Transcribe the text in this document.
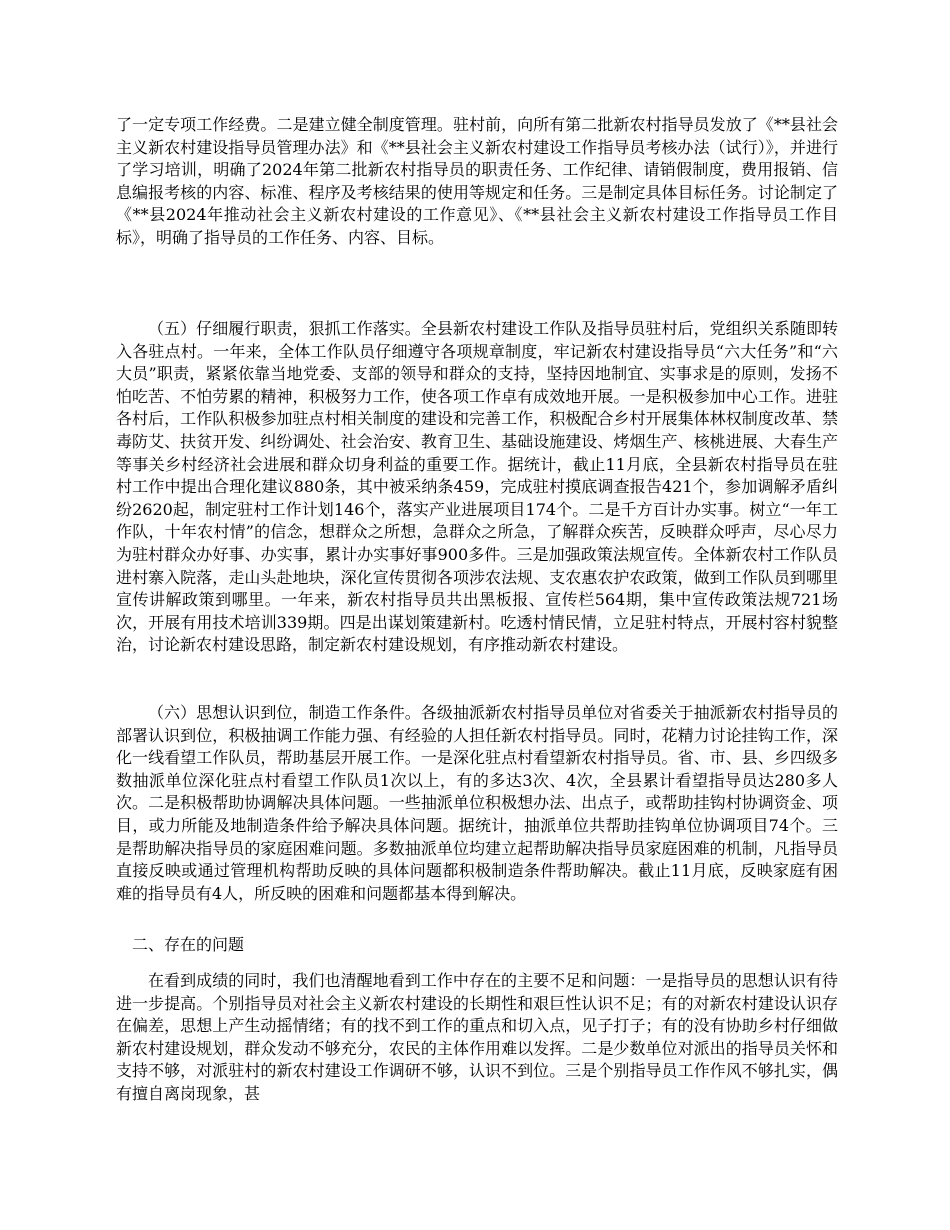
了一定专项工作经费。二是建立健全制度管理。驻村前，向所有第二批新农村指导员发放了《**县社会主义新农村建设指导员管理办法》和《**县社会主义新农村建设工作指导员考核办法（试行）》，并进行了学习培训，明确了2024年第二批新农村指导员的职责任务、工作纪律、请销假制度，费用报销、信息编报考核的内容、标准、程序及考核结果的使用等规定和任务。三是制定具体目标任务。讨论制定了《**县2024年推动社会主义新农村建设的工作意见》、《**县社会主义新农村建设工作指导员工作目标》，明确了指导员的工作任务、内容、目标。

（五）仔细履行职责，狠抓工作落实。全县新农村建设工作队及指导员驻村后，党组织关系随即转入各驻点村。一年来，全体工作队员仔细遵守各项规章制度，牢记新农村建设指导员“六大任务”和“六大员”职责，紧紧依靠当地党委、支部的领导和群众的支持，坚持因地制宜、实事求是的原则，发扬不怕吃苦、不怕劳累的精神，积极努力工作，使各项工作卓有成效地开展。一是积极参加中心工作。进驻各村后，工作队积极参加驻点村相关制度的建设和完善工作，积极配合乡村开展集体林权制度改革、禁毒防艾、扶贫开发、纠纷调处、社会治安、教育卫生、基础设施建设、烤烟生产、核桃进展、大春生产等事关乡村经济社会进展和群众切身利益的重要工作。据统计，截止11月底，全县新农村指导员在驻村工作中提出合理化建议880条，其中被采纳条459，完成驻村摸底调查报告421个，参加调解矛盾纠纷2620起，制定驻村工作计划146个，落实产业进展项目174个。二是千方百计办实事。树立“一年工作队，十年农村情”的信念，想群众之所想，急群众之所急，了解群众疾苦，反映群众呼声，尽心尽力为驻村群众办好事、办实事，累计办实事好事900多件。三是加强政策法规宣传。全体新农村工作队员进村寨入院落，走山头赴地块，深化宣传贯彻各项涉农法规、支农惠农护农政策，做到工作队员到哪里宣传讲解政策到哪里。一年来，新农村指导员共出黑板报、宣传栏564期，集中宣传政策法规721场次，开展有用技术培训339期。四是出谋划策建新村。吃透村情民情，立足驻村特点，开展村容村貌整治，讨论新农村建设思路，制定新农村建设规划，有序推动新农村建设。

（六）思想认识到位，制造工作条件。各级抽派新农村指导员单位对省委关于抽派新农村指导员的部署认识到位，积极抽调工作能力强、有经验的人担任新农村指导员。同时，花精力讨论挂钩工作，深化一线看望工作队员，帮助基层开展工作。一是深化驻点村看望新农村指导员。省、市、县、乡四级多数抽派单位深化驻点村看望工作队员1次以上，有的多达3次、4次，全县累计看望指导员达280多人次。二是积极帮助协调解决具体问题。一些抽派单位积极想办法、出点子，或帮助挂钩村协调资金、项目，或力所能及地制造条件给予解决具体问题。据统计，抽派单位共帮助挂钩单位协调项目74个。三是帮助解决指导员的家庭困难问题。多数抽派单位均建立起帮助解决指导员家庭困难的机制，凡指导员直接反映或通过管理机构帮助反映的具体问题都积极制造条件帮助解决。截止11月底，反映家庭有困难的指导员有4人，所反映的困难和问题都基本得到解决。

二、存在的问题

在看到成绩的同时，我们也清醒地看到工作中存在的主要不足和问题：一是指导员的思想认识有待进一步提高。个别指导员对社会主义新农村建设的长期性和艰巨性认识不足；有的对新农村建设认识存在偏差，思想上产生动摇情绪；有的找不到工作的重点和切入点，见子打子；有的没有协助乡村仔细做新农村建设规划，群众发动不够充分，农民的主体作用难以发挥。二是少数单位对派出的指导员关怀和支持不够，对派驻村的新农村建设工作调研不够，认识不到位。三是个别指导员工作作风不够扎实，偶有擅自离岗现象，甚
